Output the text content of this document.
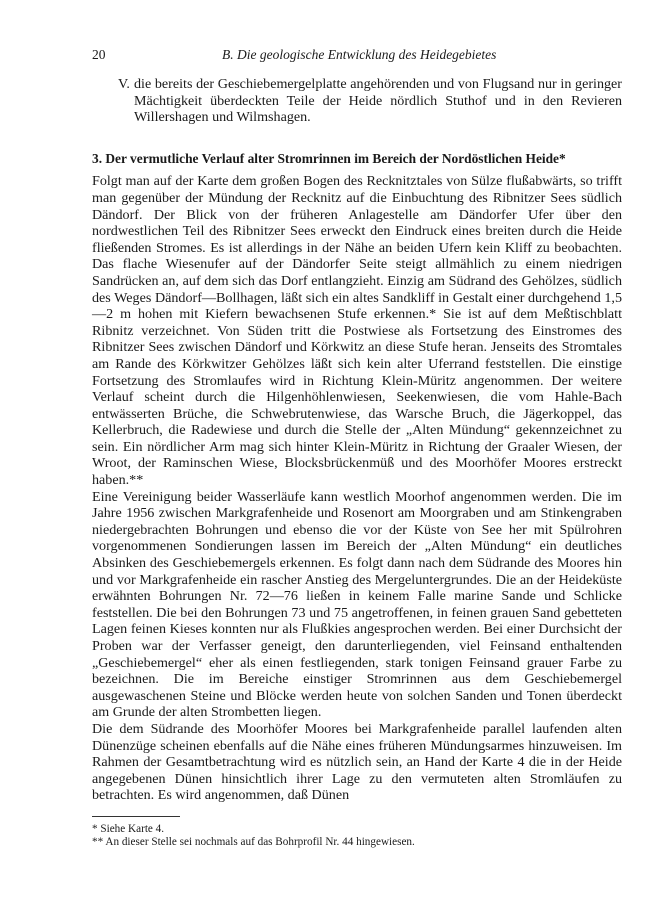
20	B. Die geologische Entwicklung des Heidegebietes
V. die bereits der Geschiebemergelplatte angehörenden und von Flugsand nur in geringer Mächtigkeit überdeckten Teile der Heide nördlich Stuthof und in den Revieren Willershagen und Wilmshagen.
3. Der vermutliche Verlauf alter Stromrinnen im Bereich der Nordöstlichen Heide*

Folgt man auf der Karte dem großen Bogen des Recknitztales von Sülze flußabwärts, so trifft man gegenüber der Mündung der Recknitz auf die Einbuchtung des Ribnitzer Sees südlich Dändorf. Der Blick von der früheren Anlagestelle am Dändorfer Ufer über den nordwestlichen Teil des Ribnitzer Sees erweckt den Eindruck eines breiten durch die Heide fließenden Stromes. Es ist allerdings in der Nähe an beiden Ufern kein Kliff zu beobachten. Das flache Wiesenufer auf der Dändorfer Seite steigt allmählich zu einem niedrigen Sandrücken an, auf dem sich das Dorf entlangzieht. Einzig am Südrand des Gehölzes, südlich des Weges Dändorf—Bollhagen, läßt sich ein altes Sandkliff in Gestalt einer durchgehend 1,5—2 m hohen mit Kiefern bewachsenen Stufe erkennen.* Sie ist auf dem Meßtischblatt Ribnitz verzeichnet. Von Süden tritt die Postwiese als Fortsetzung des Einstromes des Ribnitzer Sees zwischen Dändorf und Körkwitz an diese Stufe heran. Jenseits des Stromtales am Rande des Körkwitzer Gehölzes läßt sich kein alter Uferrand feststellen. Die einstige Fortsetzung des Stromlaufes wird in Richtung Klein-Müritz angenommen. Der weitere Verlauf scheint durch die Hilgenhöhlenwiesen, Seekenwiesen, die vom Hahle-Bach entwässerten Brüche, die Schwebrutenwiese, das Warsche Bruch, die Jägerkoppel, das Kellerbruch, die Radewiese und durch die Stelle der „Alten Mündung“ gekennzeichnet zu sein. Ein nördlicher Arm mag sich hinter Klein-Müritz in Richtung der Graaler Wiesen, der Wroot, der Raminschen Wiese, Blocksbrückenmüß und des Moorhöfer Moores erstreckt haben.**

Eine Vereinigung beider Wasserläufe kann westlich Moorhof angenommen werden. Die im Jahre 1956 zwischen Markgrafenheide und Rosenort am Moorgraben und am Stinkengraben niedergebrachten Bohrungen und ebenso die vor der Küste von See her mit Spülrohren vorgenommenen Sondierungen lassen im Bereich der „Alten Mündung“ ein deutliches Absinken des Geschiebemergels erkennen. Es folgt dann nach dem Südrande des Moores hin und vor Markgrafenheide ein rascher Anstieg des Mergeluntergrundes. Die an der Heideküste erwähnten Bohrungen Nr. 72—76 ließen in keinem Falle marine Sande und Schlicke feststellen. Die bei den Bohrungen 73 und 75 angetroffenen, in feinen grauen Sand gebetteten Lagen feinen Kieses konnten nur als Flußkies angesprochen werden. Bei einer Durchsicht der Proben war der Verfasser geneigt, den darunterliegenden, viel Feinsand enthaltenden „Geschiebemergel“ eher als einen festliegenden, stark tonigen Feinsand grauer Farbe zu bezeichnen. Die im Bereiche einstiger Stromrinnen aus dem Geschiebemergel ausgewaschenen Steine und Blöcke werden heute von solchen Sanden und Tonen überdeckt am Grunde der alten Strombetten liegen.

Die dem Südrande des Moorhöfer Moores bei Markgrafenheide parallel laufenden alten Dünenzüge scheinen ebenfalls auf die Nähe eines früheren Mündungsarmes hinzuweisen. Im Rahmen der Gesamtbetrachtung wird es nützlich sein, an Hand der Karte 4 die in der Heide angegebenen Dünen hinsichtlich ihrer Lage zu den vermuteten alten Stromläufen zu betrachten. Es wird angenommen, daß Dünen

* Siehe Karte 4.

** An dieser Stelle sei nochmals auf das Bohrprofil Nr. 44 hingewiesen.
